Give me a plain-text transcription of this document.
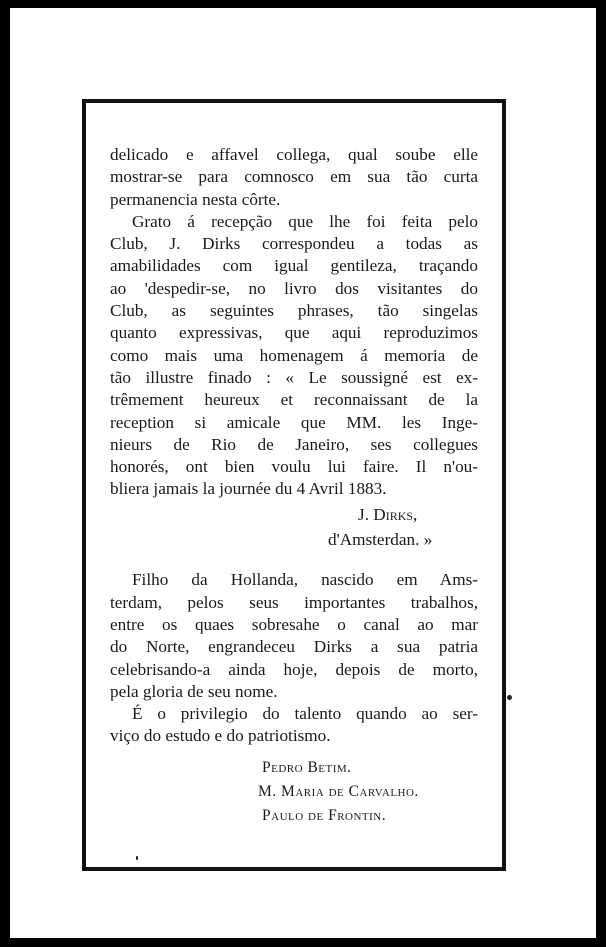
delicado e affavel collega, qual soube elle
mostrar-se para comnosco em sua tão curta
permanencia nesta côrte.
Grato á recepção que lhe foi feita pelo
Club, J. Dirks correspondeu a todas as
amabilidades com igual gentileza, traçando
ao 'despedir-se, no livro dos visitantes do
Club, as seguintes phrases, tão singelas
quanto expressivas, que aqui reproduzimos
como mais uma homenagem á memoria de
tão illustre finado : « Le soussigné est ex-
trêmement heureux et reconnaissant de la
reception si amicale que MM. les Inge-
nieurs de Rio de Janeiro, ses collegues
honorés, ont bien voulu lui faire. Il n'ou-
bliera jamais la journée du 4 Avril 1883.
J. Dirks,
d'Amsterdan. »
Filho da Hollanda, nascido em Ams-
terdam, pelos seus importantes trabalhos,
entre os quaes sobresahe o canal ao mar
do Norte, engrandeceu Dirks a sua patria
celebrisando-a ainda hoje, depois de morto,
pela gloria de seu nome.
É o privilegio do talento quando ao ser-
viço do estudo e do patriotismo.
Pedro Betim.
M. Maria de Carvalho.
Paulo de Frontin.
